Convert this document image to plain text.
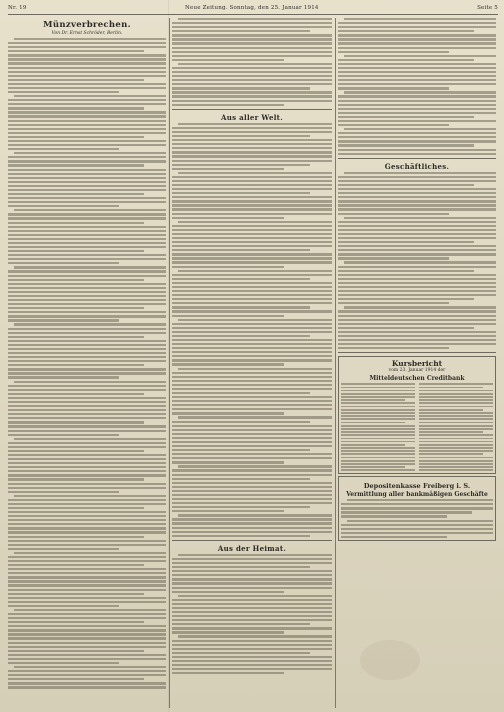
Nr. 19	Neue Zeitung. Sonntag, den 25. Januar 1914	Seite 5
Münzverbrechen.
Von Dr. Ernst Schröder, Berlin.
Aus aller Welt.
Aus der Heimat.
Geschäftliches.
Kursbericht
vom 23. Januar 1914 der
Mitteldeutschen Creditbank
Depositenkasse Freiberg i. S.
Vermittlung aller bankmäßigen Geschäfte
